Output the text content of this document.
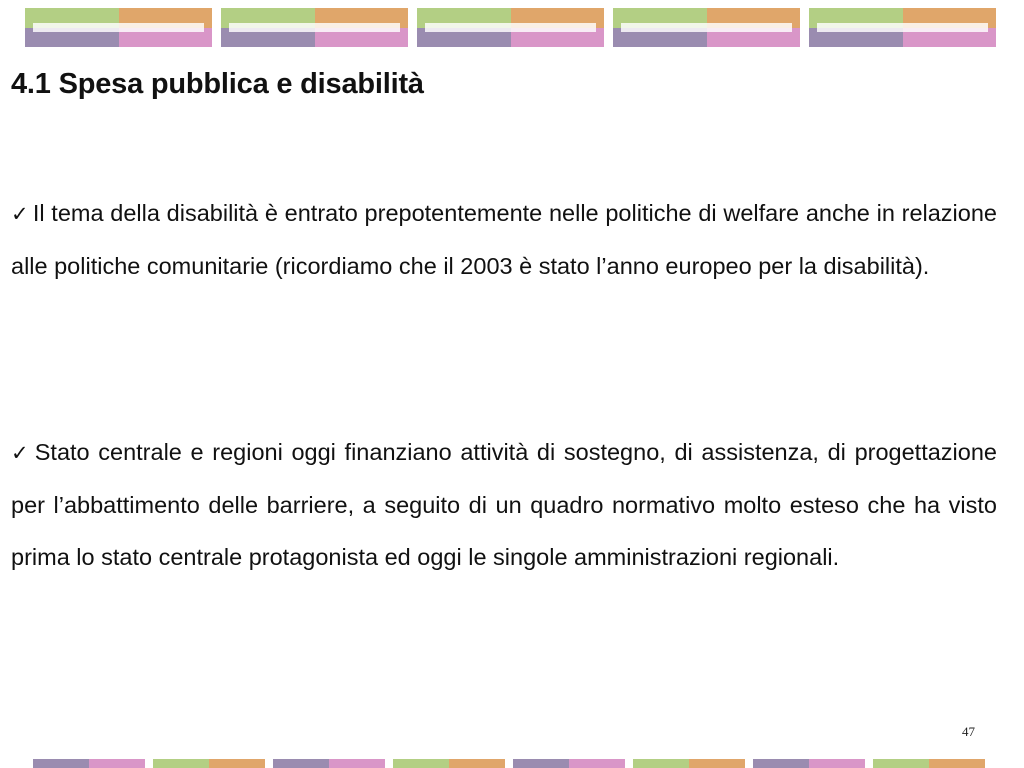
4.1 Spesa pubblica e disabilità

✓ Il tema della disabilità è entrato prepotentemente nelle politiche di welfare anche in relazione alle politiche comunitarie (ricordiamo che il 2003 è stato l’anno europeo per la disabilità).

✓ Stato centrale e regioni oggi finanziano attività di sostegno, di assistenza, di progettazione per l’abbattimento delle barriere, a seguito di un quadro normativo molto esteso che ha visto prima lo stato centrale protagonista ed oggi le singole amministrazioni regionali.

47
